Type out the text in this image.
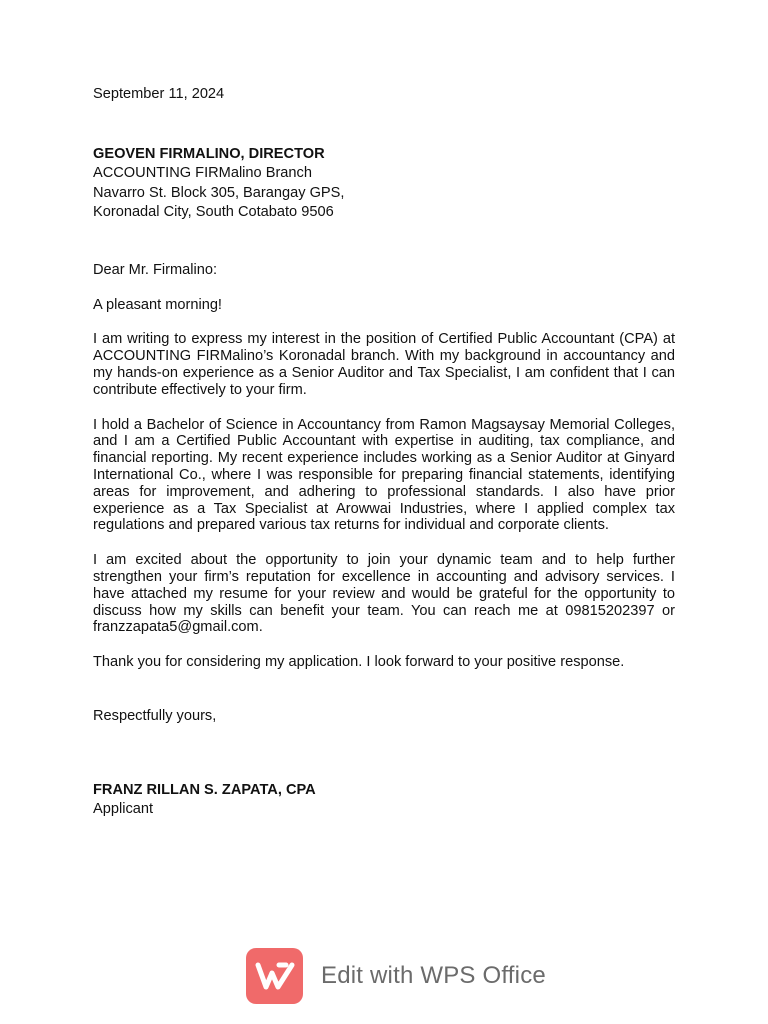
September 11, 2024

GEOVEN FIRMALINO, DIRECTOR
ACCOUNTING FIRMalino Branch
Navarro St. Block 305, Barangay GPS,
Koronadal City, South Cotabato 9506
Dear Mr. Firmalino:
A pleasant morning!
I am writing to express my interest in the position of Certified Public Accountant (CPA) at ACCOUNTING FIRMalino’s Koronadal branch. With my background in accountancy and my hands-on experience as a Senior Auditor and Tax Specialist, I am confident that I can contribute effectively to your firm.
I hold a Bachelor of Science in Accountancy from Ramon Magsaysay Memorial Colleges, and I am a Certified Public Accountant with expertise in auditing, tax compliance, and financial reporting. My recent experience includes working as a Senior Auditor at Ginyard International Co., where I was responsible for preparing financial statements, identifying areas for improvement, and adhering to professional standards. I also have prior experience as a Tax Specialist at Arowwai Industries, where I applied complex tax regulations and prepared various tax returns for individual and corporate clients.
I am excited about the opportunity to join your dynamic team and to help further strengthen your firm’s reputation for excellence in accounting and advisory services. I have attached my resume for your review and would be grateful for the opportunity to discuss how my skills can benefit your team. You can reach me at 09815202397 or franzzapata5@gmail.com.
Thank you for considering my application. I look forward to your positive response.
Respectfully yours,
FRANZ RILLAN S. ZAPATA, CPA
Applicant
Edit with WPS Office
